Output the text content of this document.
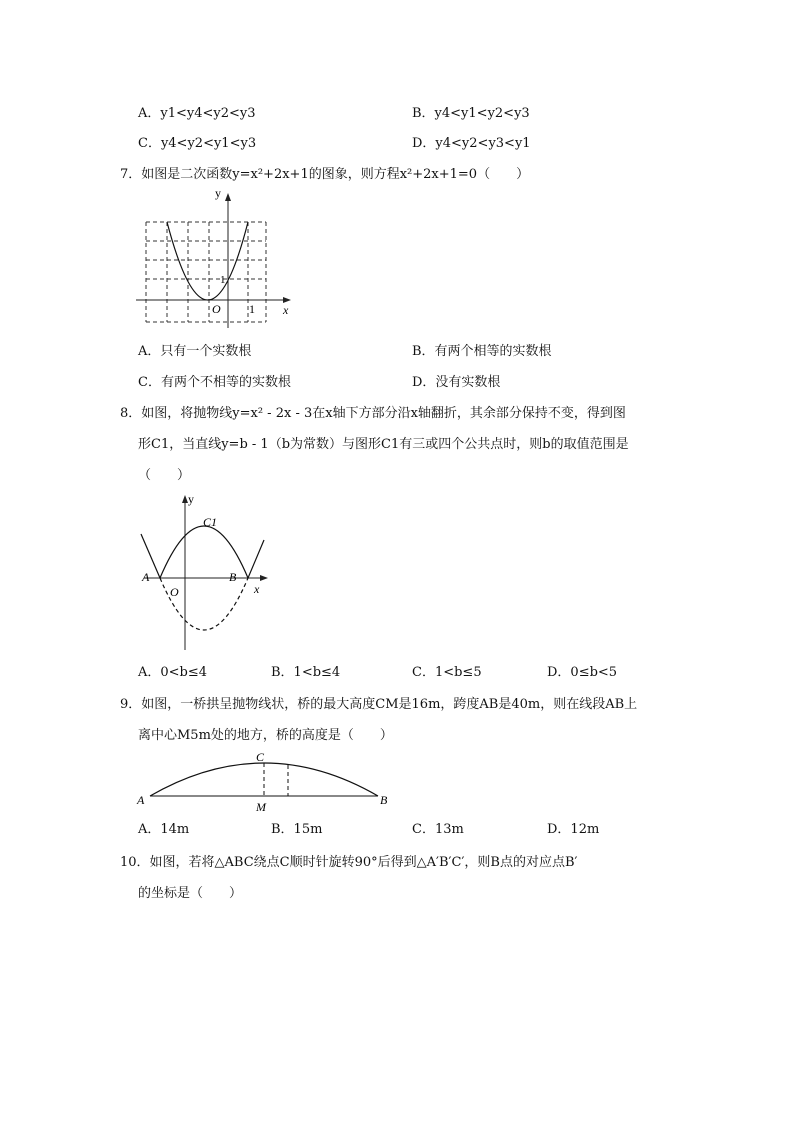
A．y1<y4<y2<y3	B．y4<y1<y2<y3
C．y4<y2<y1<y3	D．y4<y2<y3<y1
7．如图是二次函数y=x²+2x+1的图象，则方程x²+2x+1=0（　　）
y
x
O 1
1
A．只有一个实数根	B．有两个相等的实数根
C．有两个不相等的实数根	D．没有实数根
8．如图，将抛物线y=x² - 2x - 3在x轴下方部分沿x轴翻折，其余部分保持不变，得到图
形C1，当直线y=b - 1（b为常数）与图形C1有三或四个公共点时，则b的取值范围是
（　　）
y
x
O
A	B
C1
A．0<b≤4	B．1<b≤4	C．1<b≤5	D．0≤b<5
9．如图，一桥拱呈抛物线状，桥的最大高度CM是16m，跨度AB是40m，则在线段AB上
离中心M5m处的地方，桥的高度是（　　）
A	B
C
M
A．14m	B．15m	C．13m	D．12m
10．如图，若将△ABC绕点C顺时针旋转90°后得到△A′B′C′，则B点的对应点B′
的坐标是（　　）
